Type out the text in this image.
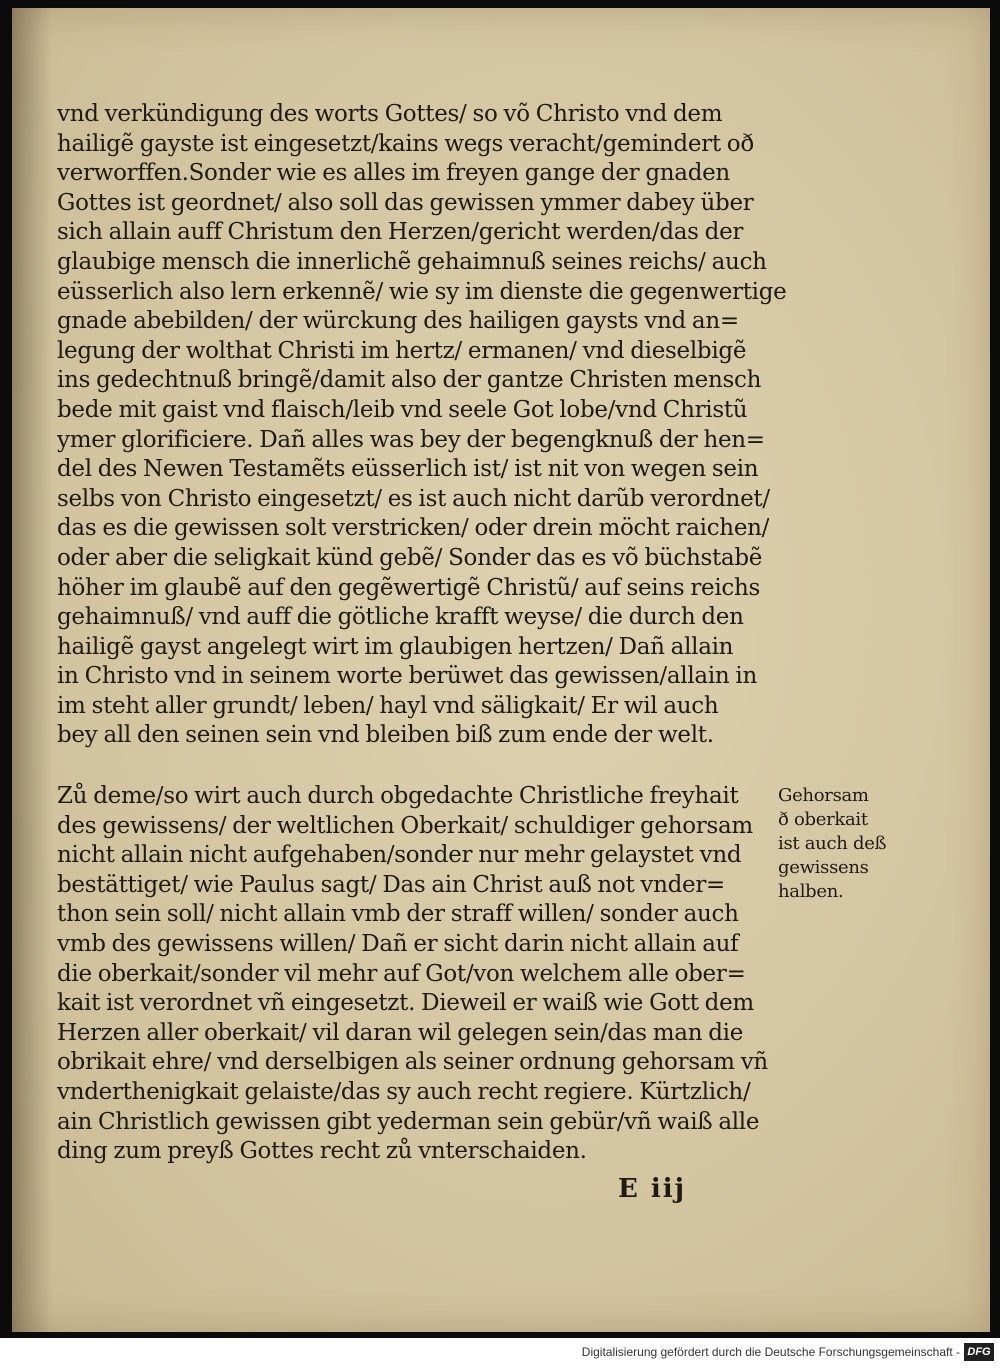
vnd verkündigung des worts Gottes/ so võ Christo vnd dem
hailigẽ gayste ist eingesetzt/kains wegs veracht/gemindert oð
verworffen.Sonder wie es alles im freyen gange der gnaden
Gottes ist geordnet/ also soll das gewissen ymmer dabey über
sich allain auff Christum den Herzen/gericht werden/das der
glaubige mensch die innerlichẽ gehaimnuß seines reichs/ auch
eüsserlich also lern erkennẽ/ wie sy im dienste die gegenwertige
gnade abebilden/ der würckung des hailigen gaysts vnd an=
legung der wolthat Christi im hertz/ ermanen/ vnd dieselbigẽ
ins gedechtnuß bringẽ/damit also der gantze Christen mensch
bede mit gaist vnd flaisch/leib vnd seele Got lobe/vnd Christũ
ymer glorificiere. Dañ alles was bey der begengknuß der hen=
del des Newen Testamẽts eüsserlich ist/ ist nit von wegen sein
selbs von Christo eingesetzt/ es ist auch nicht darũb verordnet/
das es die gewissen solt verstricken/ oder drein möcht raichen/
oder aber die seligkait künd gebẽ/ Sonder das es võ büchstabẽ
höher im glaubẽ auf den gegẽwertigẽ Christũ/ auf seins reichs
gehaimnuß/ vnd auff die götliche krafft weyse/ die durch den
hailigẽ gayst angelegt wirt im glaubigen hertzen/ Dañ allain
in Christo vnd in seinem worte berüwet das gewissen/allain in
im steht aller grundt/ leben/ hayl vnd säligkait/ Er wil auch
bey all den seinen sein vnd bleiben biß zum ende der welt.
Zů deme/so wirt auch durch obgedachte Christliche freyhait
des gewissens/ der weltlichen Oberkait/ schuldiger gehorsam
nicht allain nicht aufgehaben/sonder nur mehr gelaystet vnd
bestättiget/ wie Paulus sagt/ Das ain Christ auß not vnder=
thon sein soll/ nicht allain vmb der straff willen/ sonder auch
vmb des gewissens willen/ Dañ er sicht darin nicht allain auf
die oberkait/sonder vil mehr auf Got/von welchem alle ober=
kait ist verordnet vñ eingesetzt. Dieweil er waiß wie Gott dem
Herzen aller oberkait/ vil daran wil gelegen sein/das man die
obrikait ehre/ vnd derselbigen als seiner ordnung gehorsam vñ
vnderthenigkait gelaiste/das sy auch recht regiere. Kürtzlich/
ain Christlich gewissen gibt yederman sein gebür/vñ waiß alle
ding zum preyß Gottes recht zů vnterschaiden.
Gehorsam
ð oberkait
ist auch deß
gewissens
halben.
E iij
Digitalisierung gefördert durch die Deutsche Forschungsgemeinschaft - DFG
